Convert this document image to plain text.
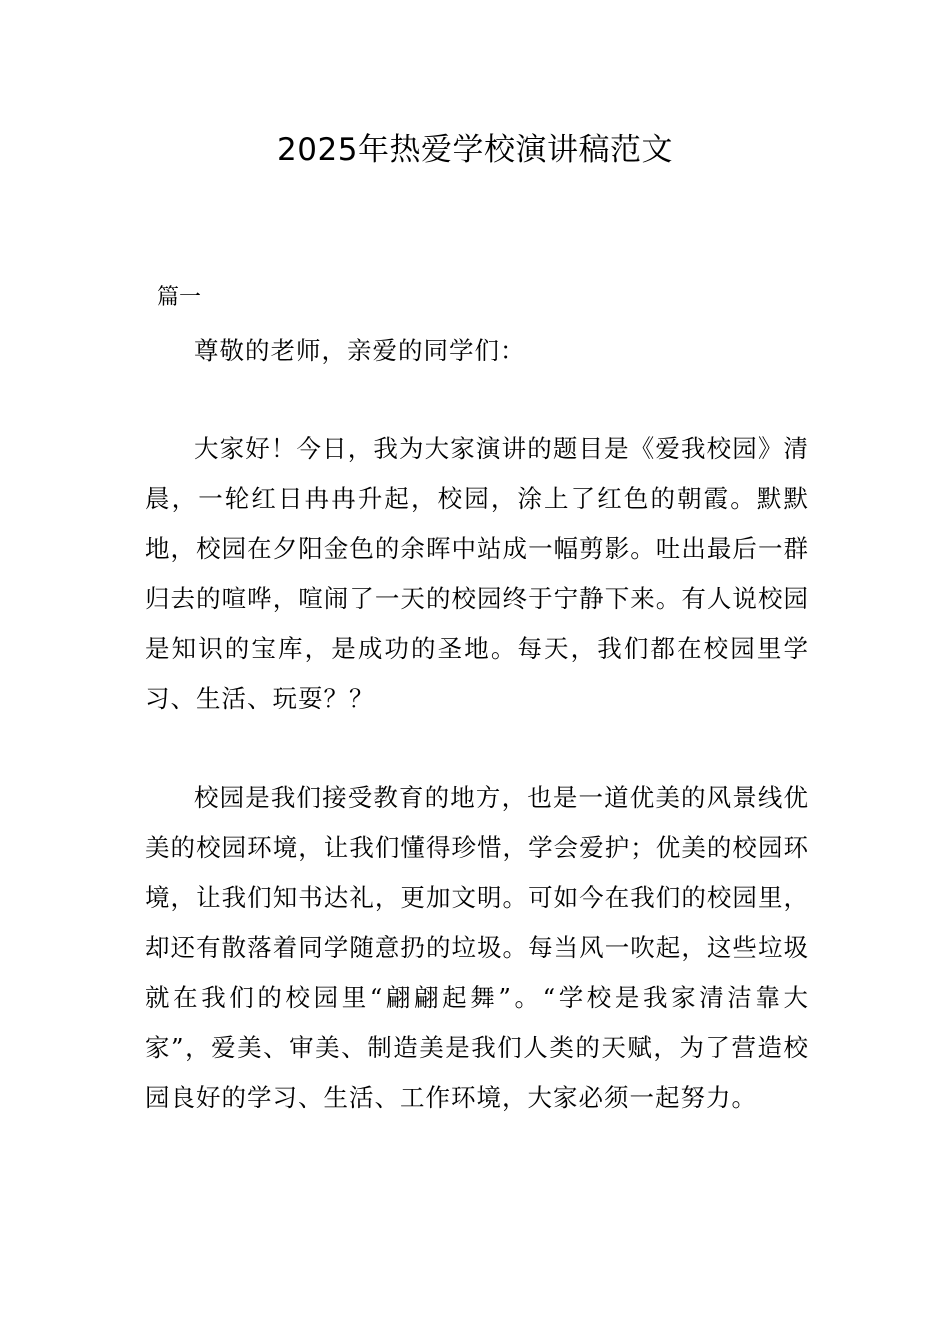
2025年热爱学校演讲稿范文
篇一

尊敬的老师，亲爱的同学们：

大家好！今日，我为大家演讲的题目是《爱我校园》清晨，一轮红日冉冉升起，校园，涂上了红色的朝霞。默默地，校园在夕阳金色的余晖中站成一幅剪影。吐出最后一群归去的喧哗，喧闹了一天的校园终于宁静下来。有人说校园是知识的宝库，是成功的圣地。每天，我们都在校园里学习、生活、玩耍？？

校园是我们接受教育的地方，也是一道优美的风景线优美的校园环境，让我们懂得珍惜，学会爱护；优美的校园环境，让我们知书达礼，更加文明。可如今在我们的校园里，却还有散落着同学随意扔的垃圾。每当风一吹起，这些垃圾就在我们的校园里“翩翩起舞”。“学校是我家清洁靠大家”，爱美、审美、制造美是我们人类的天赋，为了营造校园良好的学习、生活、工作环境，大家必须一起努力。
